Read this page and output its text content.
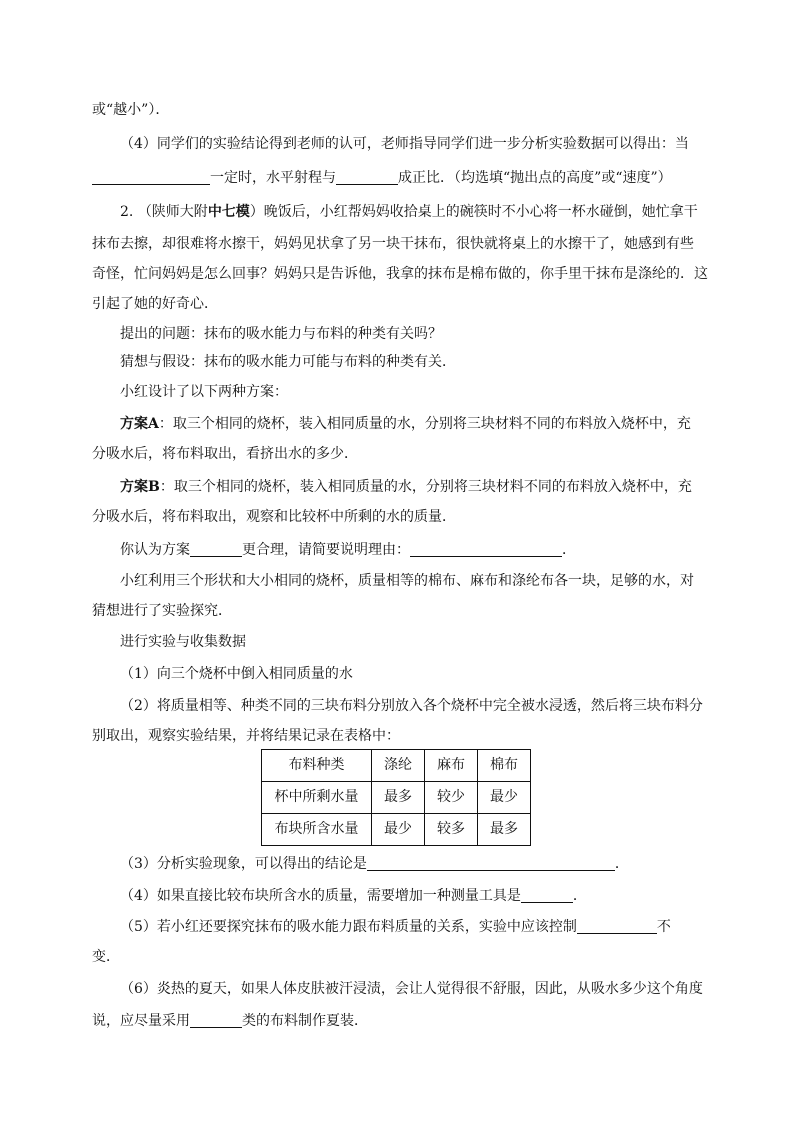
或“越小”）．
（4）同学们的实验结论得到老师的认可，老师指导同学们进一步分析实验数据可以得出：当
一定时，水平射程与	成正比．（均选填“抛出点的高度”或“速度”）
2. （陕师大附中七模）晚饭后，小红帮妈妈收拾桌上的碗筷时不小心将一杯水碰倒，她忙拿干
抹布去擦，却很难将水擦干，妈妈见状拿了另一块干抹布，很快就将桌上的水擦干了，她感到有些
奇怪，忙问妈妈是怎么回事？妈妈只是告诉他，我拿的抹布是棉布做的，你手里干抹布是涤纶的．这
引起了她的好奇心．
提出的问题：抹布的吸水能力与布料的种类有关吗？
猜想与假设：抹布的吸水能力可能与布料的种类有关．
小红设计了以下两种方案：
方案A：取三个相同的烧杯，装入相同质量的水，分别将三块材料不同的布料放入烧杯中，充
分吸水后，将布料取出，看挤出水的多少．
方案B：取三个相同的烧杯，装入相同质量的水，分别将三块材料不同的布料放入烧杯中，充
分吸水后，将布料取出，观察和比较杯中所剩的水的质量．
你认为方案	更合理，请简要说明理由：	．
小红利用三个形状和大小相同的烧杯，质量相等的棉布、麻布和涤纶布各一块，足够的水，对
猜想进行了实验探究．
进行实验与收集数据
（1）向三个烧杯中倒入相同质量的水
（2）将质量相等、种类不同的三块布料分别放入各个烧杯中完全被水浸透，然后将三块布料分
别取出，观察实验结果，并将结果记录在表格中：
布料种类	涤纶	麻布	棉布
杯中所剩水量	最多	较少	最少
布块所含水量	最少	较多	最多
（3）分析实验现象，可以得出的结论是	．
（4）如果直接比较布块所含水的质量，需要增加一种测量工具是	．
（5）若小红还要探究抹布的吸水能力跟布料质量的关系，实验中应该控制	不
变．
（6）炎热的夏天，如果人体皮肤被汗浸渍，会让人觉得很不舒服，因此，从吸水多少这个角度
说，应尽量采用	类的布料制作夏装．
